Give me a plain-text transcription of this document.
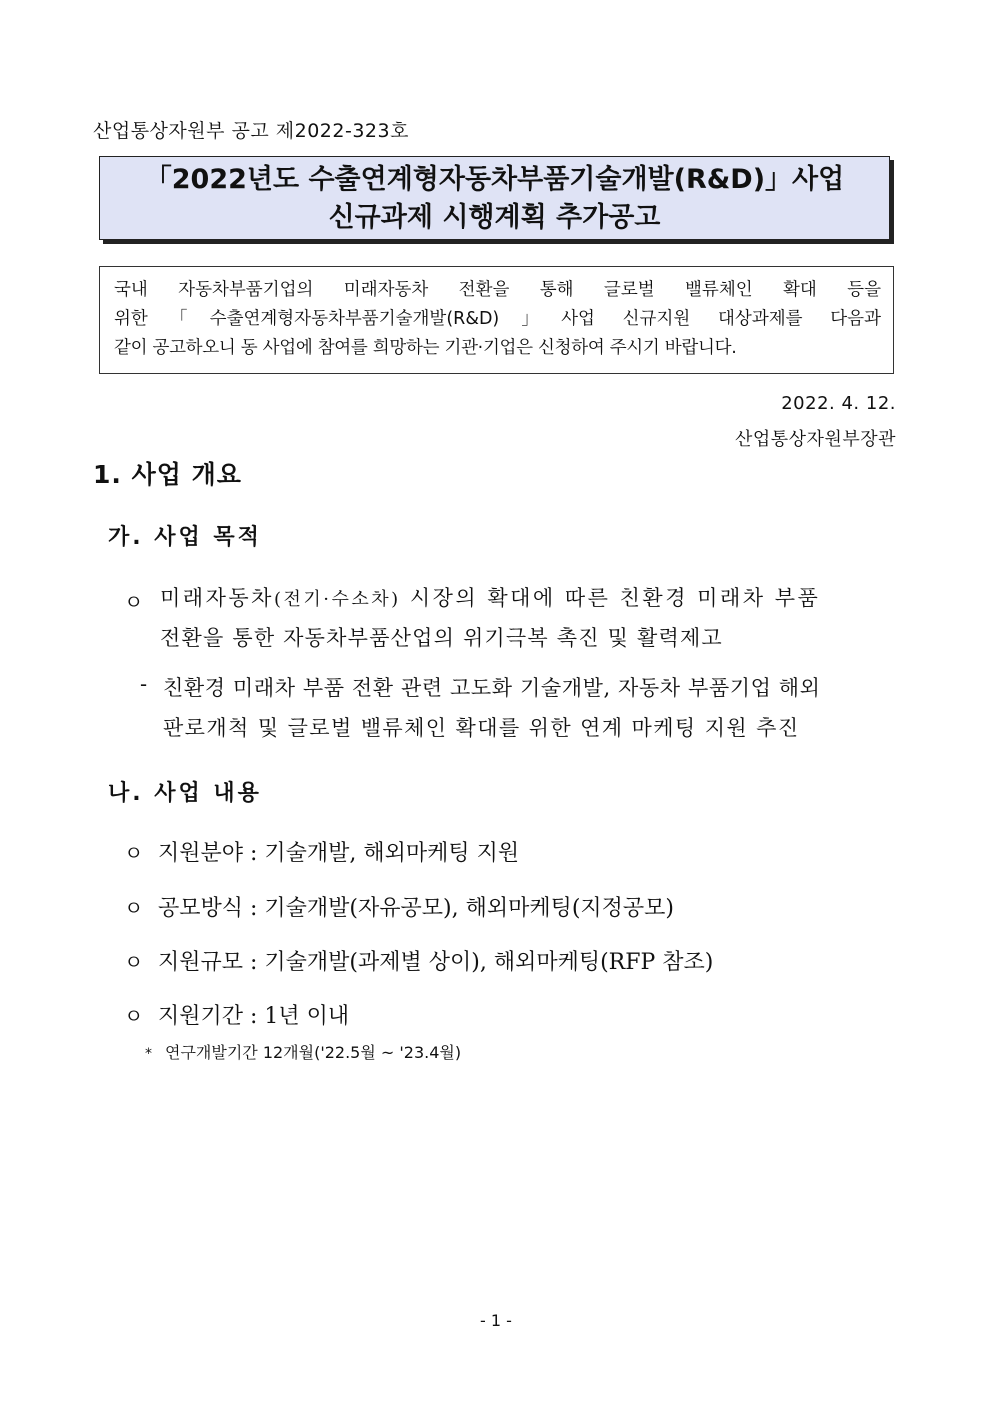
산업통상자원부 공고 제2022-323호
「2022년도 수출연계형자동차부품기술개발(R&D)」사업
신규과제 시행계획 추가공고
국내 자동차부품기업의 미래자동차 전환을 통해 글로벌 밸류체인 확대 등을
위한「수출연계형자동차부품기술개발(R&D)」사업 신규지원 대상과제를 다음과
같이 공고하오니 동 사업에 참여를 희망하는 기관·기업은 신청하여 주시기 바랍니다.
2022. 4. 12.
산업통상자원부장관
1. 사업 개요
가. 사업 목적
ㅇ 미래자동차(전기·수소차) 시장의 확대에 따른 친환경 미래차 부품
전환을 통한 자동차부품산업의 위기극복 촉진 및 활력제고
- 친환경 미래차 부품 전환 관련 고도화 기술개발, 자동차 부품기업 해외
판로개척 및 글로벌 밸류체인 확대를 위한 연계 마케팅 지원 추진
나. 사업 내용
ㅇ 지원분야 : 기술개발, 해외마케팅 지원
ㅇ 공모방식 : 기술개발(자유공모), 해외마케팅(지정공모)
ㅇ 지원규모 : 기술개발(과제별 상이), 해외마케팅(RFP 참조)
ㅇ 지원기간 : 1년 이내
* 연구개발기간 12개월('22.5월 ~ '23.4월)
- 1 -
